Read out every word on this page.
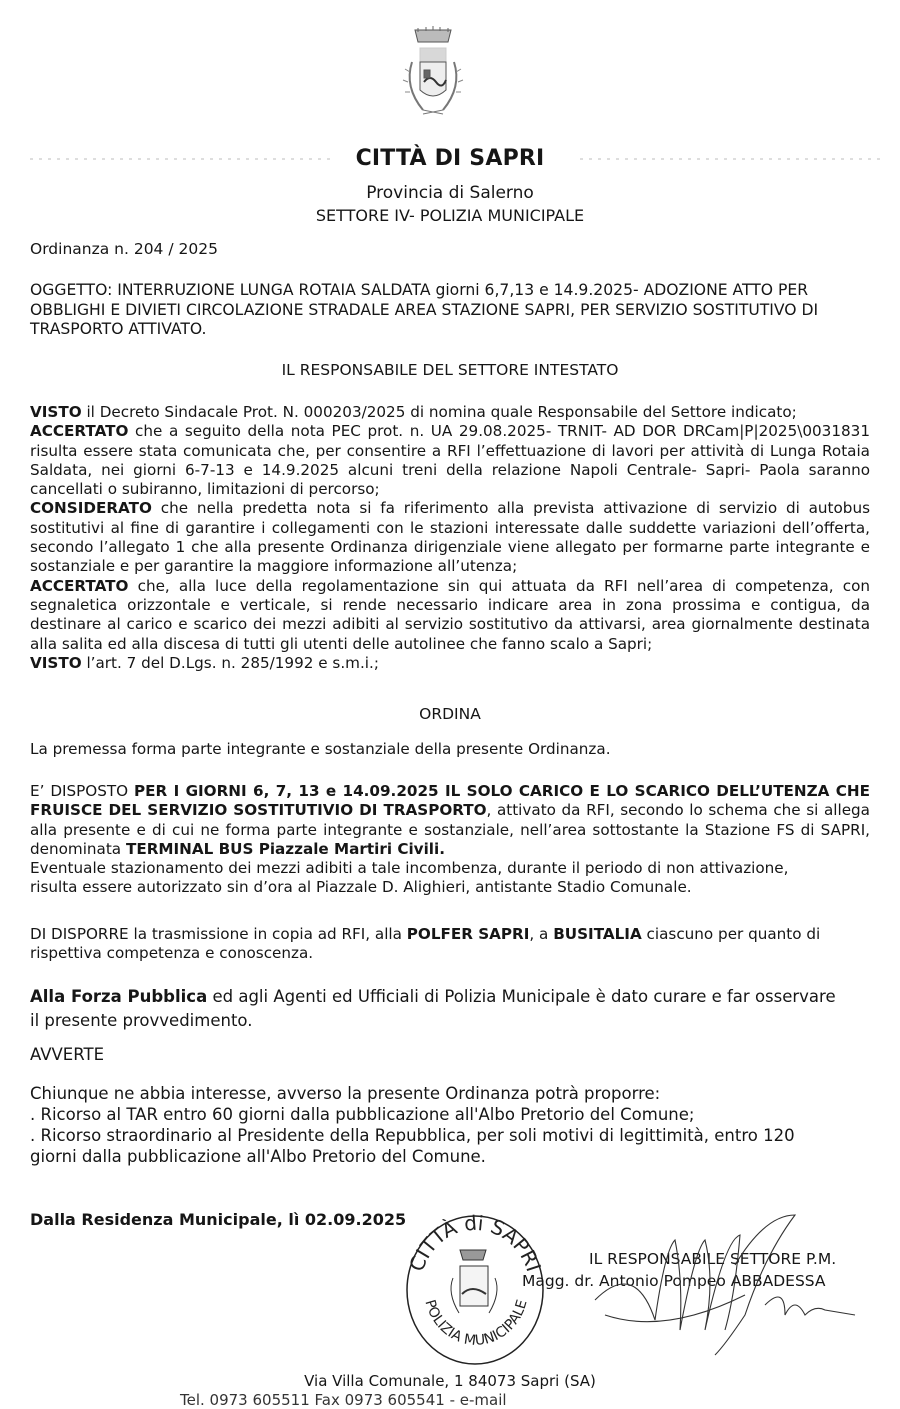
CITTÀ DI SAPRI
Provincia di Salerno
SETTORE IV- POLIZIA MUNICIPALE
Ordinanza n. 204 / 2025
OGGETTO: INTERRUZIONE LUNGA ROTAIA SALDATA giorni 6,7,13 e 14.9.2025- ADOZIONE ATTO PER
OBBLIGHI E DIVIETI CIRCOLAZIONE STRADALE AREA STAZIONE SAPRI, PER SERVIZIO SOSTITUTIVO DI
TRASPORTO ATTIVATO.
IL RESPONSABILE DEL SETTORE INTESTATO
VISTO il Decreto Sindacale Prot. N. 000203/2025 di nomina quale Responsabile del Settore indicato;
ACCERTATO che a seguito della nota PEC prot. n. UA 29.08.2025- TRNIT- AD DOR DRCam|P|2025\0031831 risulta essere stata comunicata che, per consentire a RFI l’effettuazione di lavori per attività di Lunga Rotaia Saldata, nei giorni 6-7-13 e 14.9.2025 alcuni treni della relazione Napoli Centrale- Sapri- Paola saranno cancellati o subiranno, limitazioni di percorso;
CONSIDERATO che nella predetta nota si fa riferimento alla prevista attivazione di servizio di autobus sostitutivi al fine di garantire i collegamenti con le stazioni interessate dalle suddette variazioni dell’offerta, secondo l’allegato 1 che alla presente Ordinanza dirigenziale viene allegato per formarne parte integrante e sostanziale e per garantire la maggiore informazione all’utenza;
ACCERTATO che, alla luce della regolamentazione sin qui attuata da RFI nell’area di competenza, con segnaletica orizzontale e verticale, si rende necessario indicare area in zona prossima e contigua, da destinare al carico e scarico dei mezzi adibiti al servizio sostitutivo da attivarsi, area giornalmente destinata alla salita ed alla discesa di tutti gli utenti delle autolinee che fanno scalo a Sapri;
VISTO l’art. 7 del D.Lgs. n. 285/1992 e s.m.i.;
ORDINA
La premessa forma parte integrante e sostanziale della presente Ordinanza.
E’ DISPOSTO PER I GIORNI 6, 7, 13 e 14.09.2025 IL SOLO CARICO E LO SCARICO DELL’UTENZA CHE FRUISCE DEL SERVIZIO SOSTITUTIVIO DI TRASPORTO, attivato da RFI, secondo lo schema che si allega alla presente e di cui ne forma parte integrante e sostanziale, nell’area sottostante la Stazione FS di SAPRI, denominata TERMINAL BUS Piazzale Martiri Civili.
Eventuale stazionamento dei mezzi adibiti a tale incombenza, durante il periodo di non attivazione,
risulta essere autorizzato sin d’ora al Piazzale D. Alighieri, antistante Stadio Comunale.
DI DISPORRE la trasmissione in copia ad RFI, alla POLFER SAPRI, a BUSITALIA ciascuno per quanto di
rispettiva competenza e conoscenza.
Alla Forza Pubblica ed agli Agenti ed Ufficiali di Polizia Municipale è dato curare e far osservare
il presente provvedimento.
AVVERTE
Chiunque ne abbia interesse, avverso la presente Ordinanza potrà proporre:
. Ricorso al TAR entro 60 giorni dalla pubblicazione all'Albo Pretorio del Comune;
. Ricorso straordinario al Presidente della Repubblica, per soli motivi di legittimità, entro 120
giorni dalla pubblicazione all'Albo Pretorio del Comune.
Dalla Residenza Municipale, lì 02.09.2025
CITTÀ di SAPRI
POLIZIA MUNICIPALE
IL RESPONSABILE SETTORE P.M.
Magg. dr. Antonio Pompeo ABBADESSA
Via Villa Comunale, 1 84073 Sapri (SA)
Tel. 0973 605511 Fax 0973 605541 - e-mail
